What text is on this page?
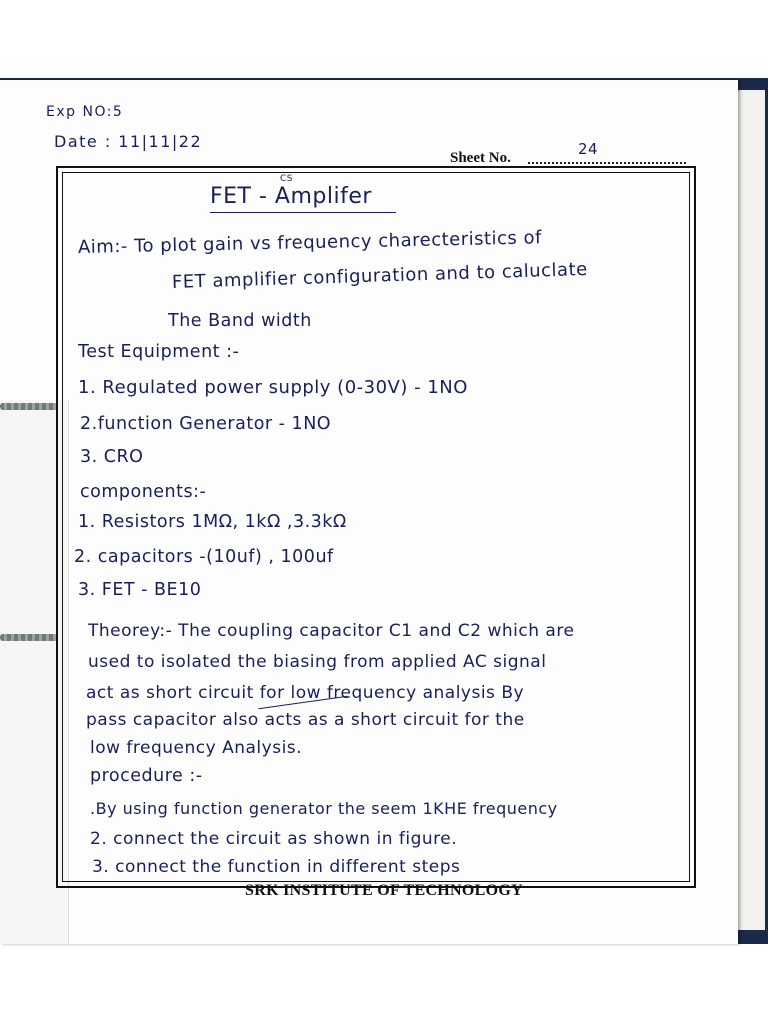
Exp NO:5
Date : 11|11|22
Sheet No.	24
CS
FET - Amplifer
Aim:- To plot gain vs frequency charecteristics of
FET amplifier configuration and to caluclate
The Band width
Test Equipment :-
1. Regulated power supply (0-30V) - 1NO
2.function Generator - 1NO
3. CRO
components:-
1. Resistors 1MΩ, 1kΩ ,3.3kΩ
2. capacitors -(10uf) , 100uf
3. FET - BE10
Theorey:- The coupling capacitor C1 and C2 which are
used to isolated the biasing from applied AC signal
act as short circuit for low frequency analysis By
pass capacitor also acts as a short circuit for the
low frequency Analysis.
procedure :-
.By using function generator the seem 1KHE frequency
2. connect the circuit as shown in figure.
3. connect the function in different steps
SRK INSTITUTE OF TECHNOLOGY
